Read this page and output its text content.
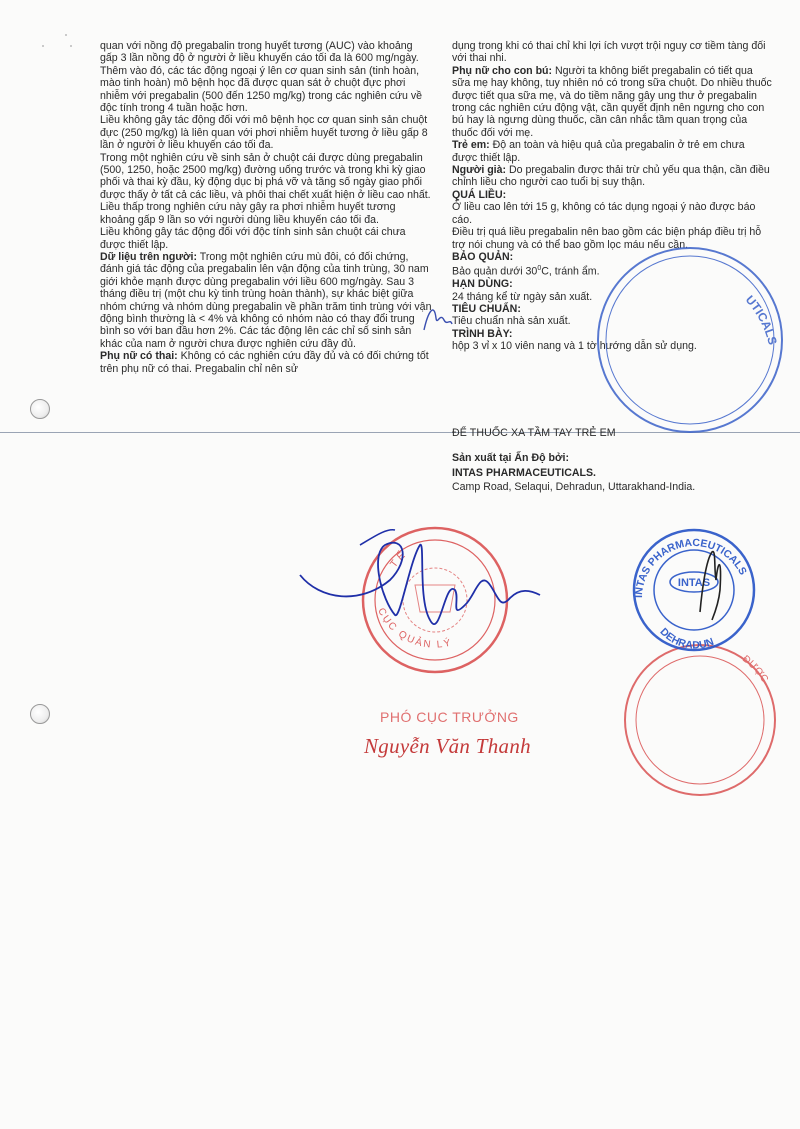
quan với nồng độ pregabalin trong huyết tương (AUC) vào khoảng gấp 3 lần nồng độ ở người ở liều khuyến cáo tối đa là 600 mg/ngày.

Thêm vào đó, các tác động ngoại ý lên cơ quan sinh sản (tinh hoàn, mào tinh hoàn) mô bệnh học đã được quan sát ở chuột đực phơi nhiễm với pregabalin (500 đến 1250 mg/kg) trong các nghiên cứu về độc tính trong 4 tuần hoặc hơn.

Liều không gây tác động đối với mô bệnh học cơ quan sinh sản chuột đực (250 mg/kg) là liên quan với phơi nhiễm huyết tương ở liều gấp 8 lần ở người ở liều khuyến cáo tối đa.

Trong một nghiên cứu về sinh sản ở chuột cái được dùng pregabalin (500, 1250, hoặc 2500 mg/kg) đường uống trước và trong khi kỳ giao phối và thai kỳ đầu, kỳ động dục bị phá vỡ và tăng số ngày giao phối được thấy ở tất cả các liều, và phôi thai chết xuất hiện ở liều cao nhất. Liều thấp trong nghiên cứu này gây ra phơi nhiễm huyết tương khoảng gấp 9 lần so với người dùng liều khuyến cáo tối đa.

Liều không gây tác động đối với độc tính sinh sản chuột cái chưa được thiết lập.

Dữ liệu trên người: Trong một nghiên cứu mù đôi, có đối chứng, đánh giá tác động của pregabalin lên vận động của tinh trùng, 30 nam giới khỏe mạnh được dùng pregabalin với liều 600 mg/ngày. Sau 3 tháng điều trị (một chu kỳ tinh trùng hoàn thành), sự khác biệt giữa nhóm chứng và nhóm dùng pregabalin về phần trăm tinh trùng với vận động bình thường là < 4% và không có nhóm nào có thay đổi trung bình so với ban đầu hơn 2%. Các tác động lên các chỉ số sinh sản khác của nam ở người chưa được nghiên cứu đầy đủ.

Phụ nữ có thai: Không có các nghiên cứu đầy đủ và có đối chứng tốt trên phụ nữ có thai. Pregabalin chỉ nên sử

dụng trong khi có thai chỉ khi lợi ích vượt trội nguy cơ tiềm tàng đối với thai nhi.

Phụ nữ cho con bú: Người ta không biết pregabalin có tiết qua sữa mẹ hay không, tuy nhiên nó có trong sữa chuột. Do nhiều thuốc được tiết qua sữa mẹ, và do tiềm năng gây ung thư ở pregabalin trong các nghiên cứu động vật, cần quyết định nên ngưng cho con bú hay là ngưng dùng thuốc, cần cân nhắc tầm quan trọng của thuốc đối với mẹ.

Trẻ em: Độ an toàn và hiệu quả của pregabalin ở trẻ em chưa được thiết lập.

Người già: Do pregabalin được thải trừ chủ yếu qua thận, cần điều chỉnh liều cho người cao tuổi bị suy thận.

QUÁ LIỀU:

Ở liều cao lên tới 15 g, không có tác dụng ngoại ý nào được báo cáo.

Điều trị quá liều pregabalin nên bao gồm các biện pháp điều trị hỗ trợ nói chung và có thể bao gồm lọc máu nếu cần.

BẢO QUẢN:

Bảo quản dưới $30^0C$, tránh ẩm.

HẠN DÙNG:

24 tháng kể từ ngày sản xuất.

TIÊU CHUẨN:

Tiêu chuẩn nhà sản xuất.

TRÌNH BÀY:

hộp 3 vỉ x 10 viên nang và 1 tờ hướng dẫn sử dụng.

ĐỂ THUỐC XA TẦM TAY TRẺ EM
Sản xuất tại Ấn Độ bởi:
INTAS PHARMACEUTICALS.
Camp Road, Selaqui, Dehradun, Uttarakhand-India.
UTICALS
CỤC QUẢN LÝ
TẾ
ĐƯỢC
INTAS
INTAS PHARMACEUTICALS
DEHRADUN
PHÓ CỤC TRƯỞNG
Nguyễn Văn Thanh
